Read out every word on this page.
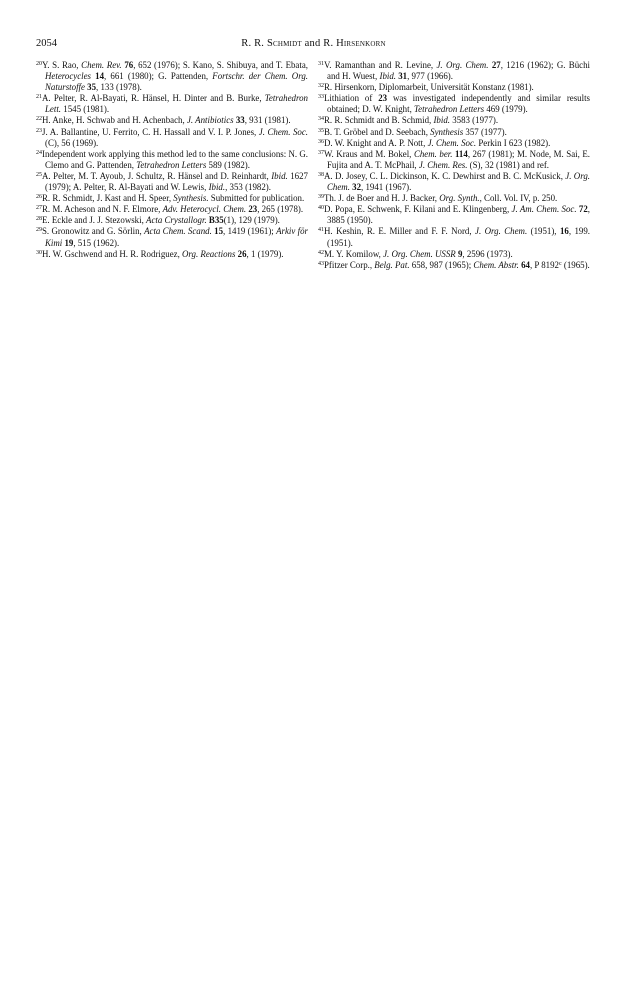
2054	R. R. Schmidt and R. Hirsenkorn

$^{20}$Y. S. Rao, Chem. Rev. 76, 652 (1976); S. Kano, S. Shibuya, and T. Ebata, Heterocycles 14, 661 (1980); G. Pattenden, Fortschr. der Chem. Org. Naturstoffe 35, 133 (1978).

$^{21}$A. Pelter, R. Al-Bayati, R. Hänsel, H. Dinter and B. Burke, Tetrahedron Lett. 1545 (1981).

$^{22}$H. Anke, H. Schwab and H. Achenbach, J. Antibiotics 33, 931 (1981).

$^{23}$J. A. Ballantine, U. Ferrito, C. H. Hassall and V. I. P. Jones, J. Chem. Soc. (C), 56 (1969).

$^{24}$Independent work applying this method led to the same conclusions: N. G. Clemo and G. Pattenden, Tetrahedron Letters 589 (1982).

$^{25}$A. Pelter, M. T. Ayoub, J. Schultz, R. Hänsel and D. Reinhardt, Ibid. 1627 (1979); A. Pelter, R. Al-Bayati and W. Lewis, Ibid., 353 (1982).

$^{26}$R. R. Schmidt, J. Kast and H. Speer, Synthesis. Submitted for publication.

$^{27}$R. M. Acheson and N. F. Elmore, Adv. Heterocycl. Chem. 23, 265 (1978).

$^{28}$E. Eckle and J. J. Stezowski, Acta Crystallogr. B35(1), 129 (1979).

$^{29}$S. Gronowitz and G. Sörlin, Acta Chem. Scand. 15, 1419 (1961); Arkiv för Kimi 19, 515 (1962).

$^{30}$H. W. Gschwend and H. R. Rodriguez, Org. Reactions 26, 1 (1979).

$^{31}$V. Ramanthan and R. Levine, J. Org. Chem. 27, 1216 (1962); G. Büchi and H. Wuest, Ibid. 31, 977 (1966).

$^{32}$R. Hirsenkorn, Diplomarbeit, Universität Konstanz (1981).

$^{33}$Lithiation of 23 was investigated independently and similar results obtained; D. W. Knight, Tetrahedron Letters 469 (1979).

$^{34}$R. R. Schmidt and B. Schmid, Ibid. 3583 (1977).

$^{35}$B. T. Gröbel and D. Seebach, Synthesis 357 (1977).

$^{36}$D. W. Knight and A. P. Nott, J. Chem. Soc. Perkin I 623 (1982).

$^{37}$W. Kraus and M. Bokel, Chem. ber. 114, 267 (1981); M. Node, M. Sai, E. Fujita and A. T. McPhail, J. Chem. Res. (S), 32 (1981) and ref.

$^{38}$A. D. Josey, C. L. Dickinson, K. C. Dewhirst and B. C. McKusick, J. Org. Chem. 32, 1941 (1967).

$^{39}$Th. J. de Boer and H. J. Backer, Org. Synth., Coll. Vol. IV, p. 250.

$^{40}$D. Popa, E. Schwenk, F. Kilani and E. Klingenberg, J. Am. Chem. Soc. 72, 3885 (1950).

$^{41}$H. Keshin, R. E. Miller and F. F. Nord, J. Org. Chem. (1951), 16, 199. (1951).

$^{42}$M. Y. Komilow, J. Org. Chem. USSR 9, 2596 (1973).

$^{43}$Pfitzer Corp., Belg. Pat. 658, 987 (1965); Chem. Abstr. 64, P 8192$^c$ (1965).
